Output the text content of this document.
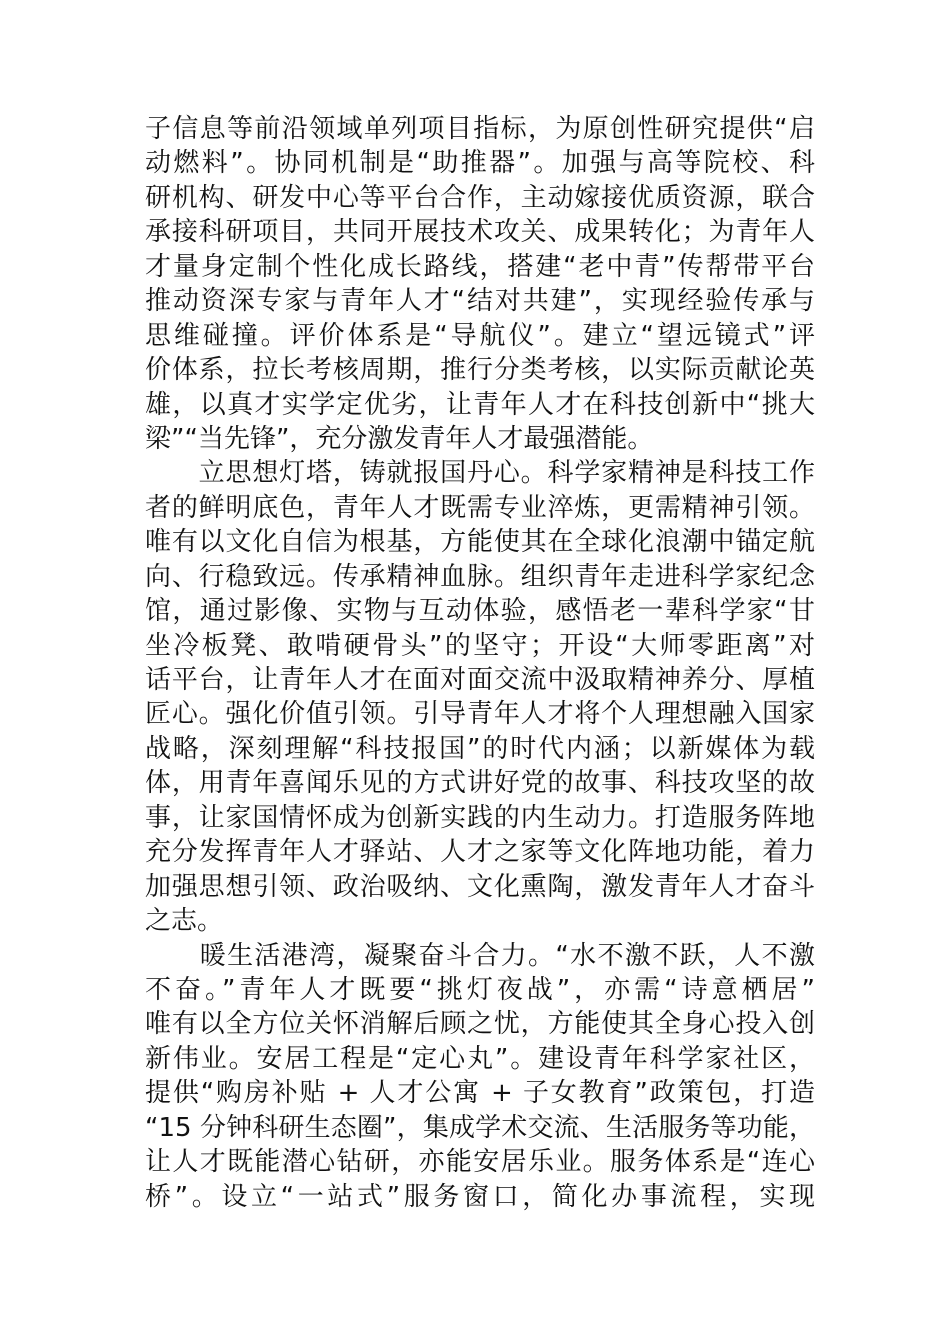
子信息等前沿领域单列项目指标，为原创性研究提供“启
动燃料”。协同机制是“助推器”。加强与高等院校、科
研机构、研发中心等平台合作，主动嫁接优质资源，联合
承接科研项目，共同开展技术攻关、成果转化；为青年人
才量身定制个性化成长路线，搭建“老中青”传帮带平台
推动资深专家与青年人才“结对共建”，实现经验传承与
思维碰撞。评价体系是“导航仪”。建立“望远镜式”评
价体系，拉长考核周期，推行分类考核，以实际贡献论英
雄，以真才实学定优劣，让青年人才在科技创新中“挑大
梁”“当先锋”，充分激发青年人才最强潜能。
　　立思想灯塔，铸就报国丹心。科学家精神是科技工作
者的鲜明底色，青年人才既需专业淬炼，更需精神引领。
唯有以文化自信为根基，方能使其在全球化浪潮中锚定航
向、行稳致远。传承精神血脉。组织青年走进科学家纪念
馆，通过影像、实物与互动体验，感悟老一辈科学家“甘
坐冷板凳、敢啃硬骨头”的坚守；开设“大师零距离”对
话平台，让青年人才在面对面交流中汲取精神养分、厚植
匠心。强化价值引领。引导青年人才将个人理想融入国家
战略，深刻理解“科技报国”的时代内涵；以新媒体为载
体，用青年喜闻乐见的方式讲好党的故事、科技攻坚的故
事，让家国情怀成为创新实践的内生动力。打造服务阵地
充分发挥青年人才驿站、人才之家等文化阵地功能，着力
加强思想引领、政治吸纳、文化熏陶，激发青年人才奋斗
之志。
　　暖生活港湾，凝聚奋斗合力。“水不激不跃，人不激
不奋。”青年人才既要“挑灯夜战”，亦需“诗意栖居”
唯有以全方位关怀消解后顾之忧，方能使其全身心投入创
新伟业。安居工程是“定心丸”。建设青年科学家社区，
提供“购房补贴 + 人才公寓 + 子女教育”政策包，打造
“15 分钟科研生态圈”，集成学术交流、生活服务等功能，
让人才既能潜心钻研，亦能安居乐业。服务体系是“连心
桥”。设立“一站式”服务窗口，简化办事流程，实现
